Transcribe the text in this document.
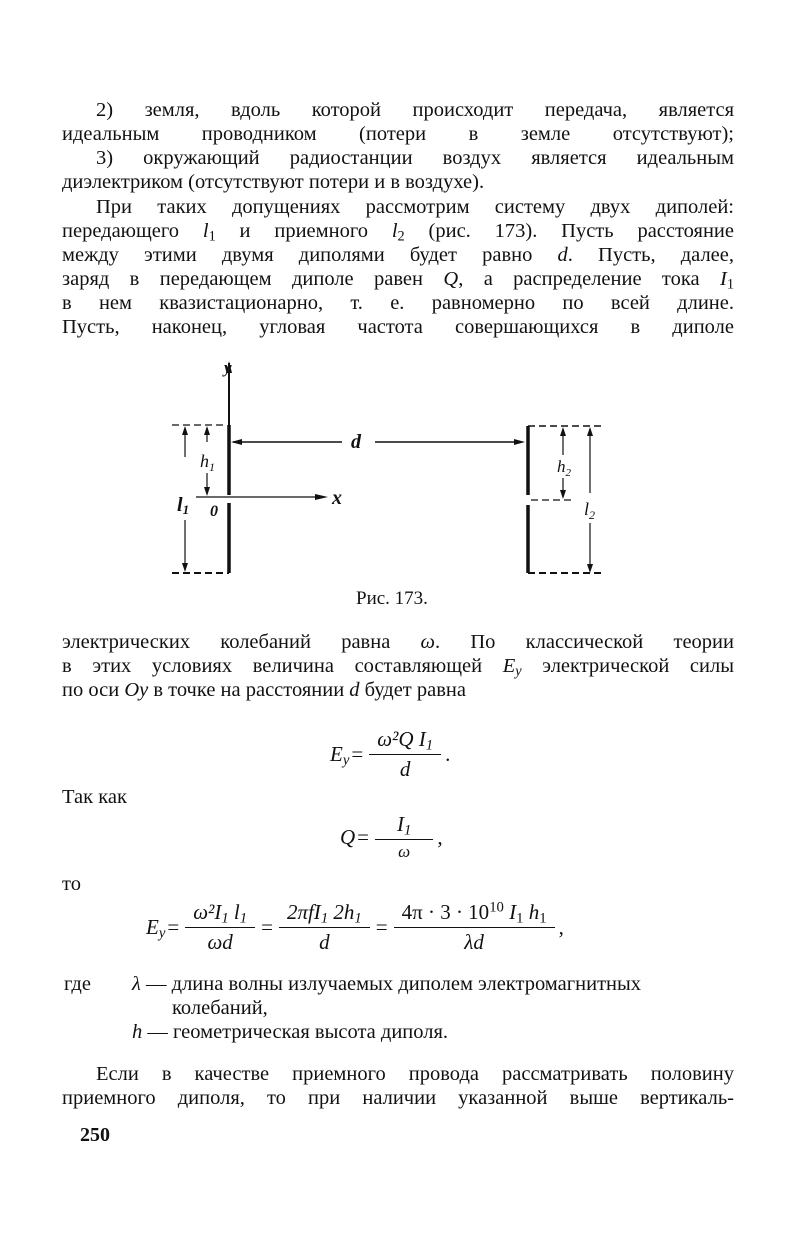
2) земля, вдоль которой происходит передача, является
идеальным проводником (потери в земле отсутствуют);
3) окружающий радиостанции воздух является идеальным
диэлектриком (отсутствуют потери и в воздухе).
При таких допущениях рассмотрим систему двух диполей:
передающего $l_1$ и приемного $l_2$ (рис. 173). Пусть расстояние
между этими двумя диполями будет равно d. Пусть, далее,
заряд в передающем диполе равен Q, а распределение тока $I_1$
в нем квазистационарно, т. е. равномерно по всей длине.
Пусть, наконец, угловая частота совершающихся в диполе
y
x
0
d
$h_1$
l1
$h_2$
$l_2$
Рис. 173.
электрических колебаний равна ω. По классической теории
в этих условиях величина составляющей $E_y$ электрической силы
по оси Oy в точке на расстоянии d будет равна
$E_y = \frac{\omega^2Q I_1}{d}$ .
Так как
$Q = \frac{I_1}{\omega}$ ,
то
$E_y = \frac{\omega^2I_1 l_1}{\omega d} = \frac{2\pi fI_1 2h_1}{d} = \frac{4\pi \cdot 3 \cdot 10^{10} I_1 h_1}{\lambda d}$ ,
где λ — длина волны излучаемых диполем электромагнитных
колебаний,
h — геометрическая высота диполя.
Если в качестве приемного провода рассматривать половину
приемного диполя, то при наличии указанной выше вертикаль-
250
